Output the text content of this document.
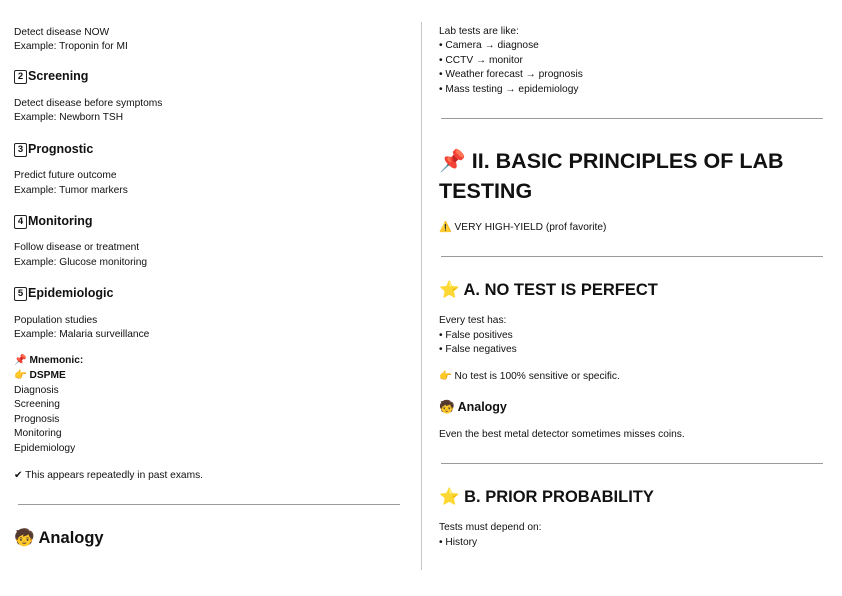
Detect disease NOW

Example: Troponin for MI

2 Screening

Detect disease before symptoms

Example: Newborn TSH

3 Prognostic

Predict future outcome

Example: Tumor markers

4 Monitoring

Follow disease or treatment

Example: Glucose monitoring

5 Epidemiologic

Population studies

Example: Malaria surveillance

📌 Mnemonic:

👉 DSPME

Diagnosis

Screening

Prognosis

Monitoring

Epidemiology

✔ This appears repeatedly in past exams.

🧒 Analogy

Lab tests are like:

• Camera → diagnose

• CCTV → monitor

• Weather forecast → prognosis

• Mass testing → epidemiology

📌 II. BASIC PRINCIPLES OF LAB TESTING

⚠️ VERY HIGH-YIELD (prof favorite)

⭐ A. NO TEST IS PERFECT

Every test has:

• False positives

• False negatives

👉 No test is 100% sensitive or specific.

🧒 Analogy

Even the best metal detector sometimes misses coins.

⭐ B. PRIOR PROBABILITY

Tests must depend on:

• History
